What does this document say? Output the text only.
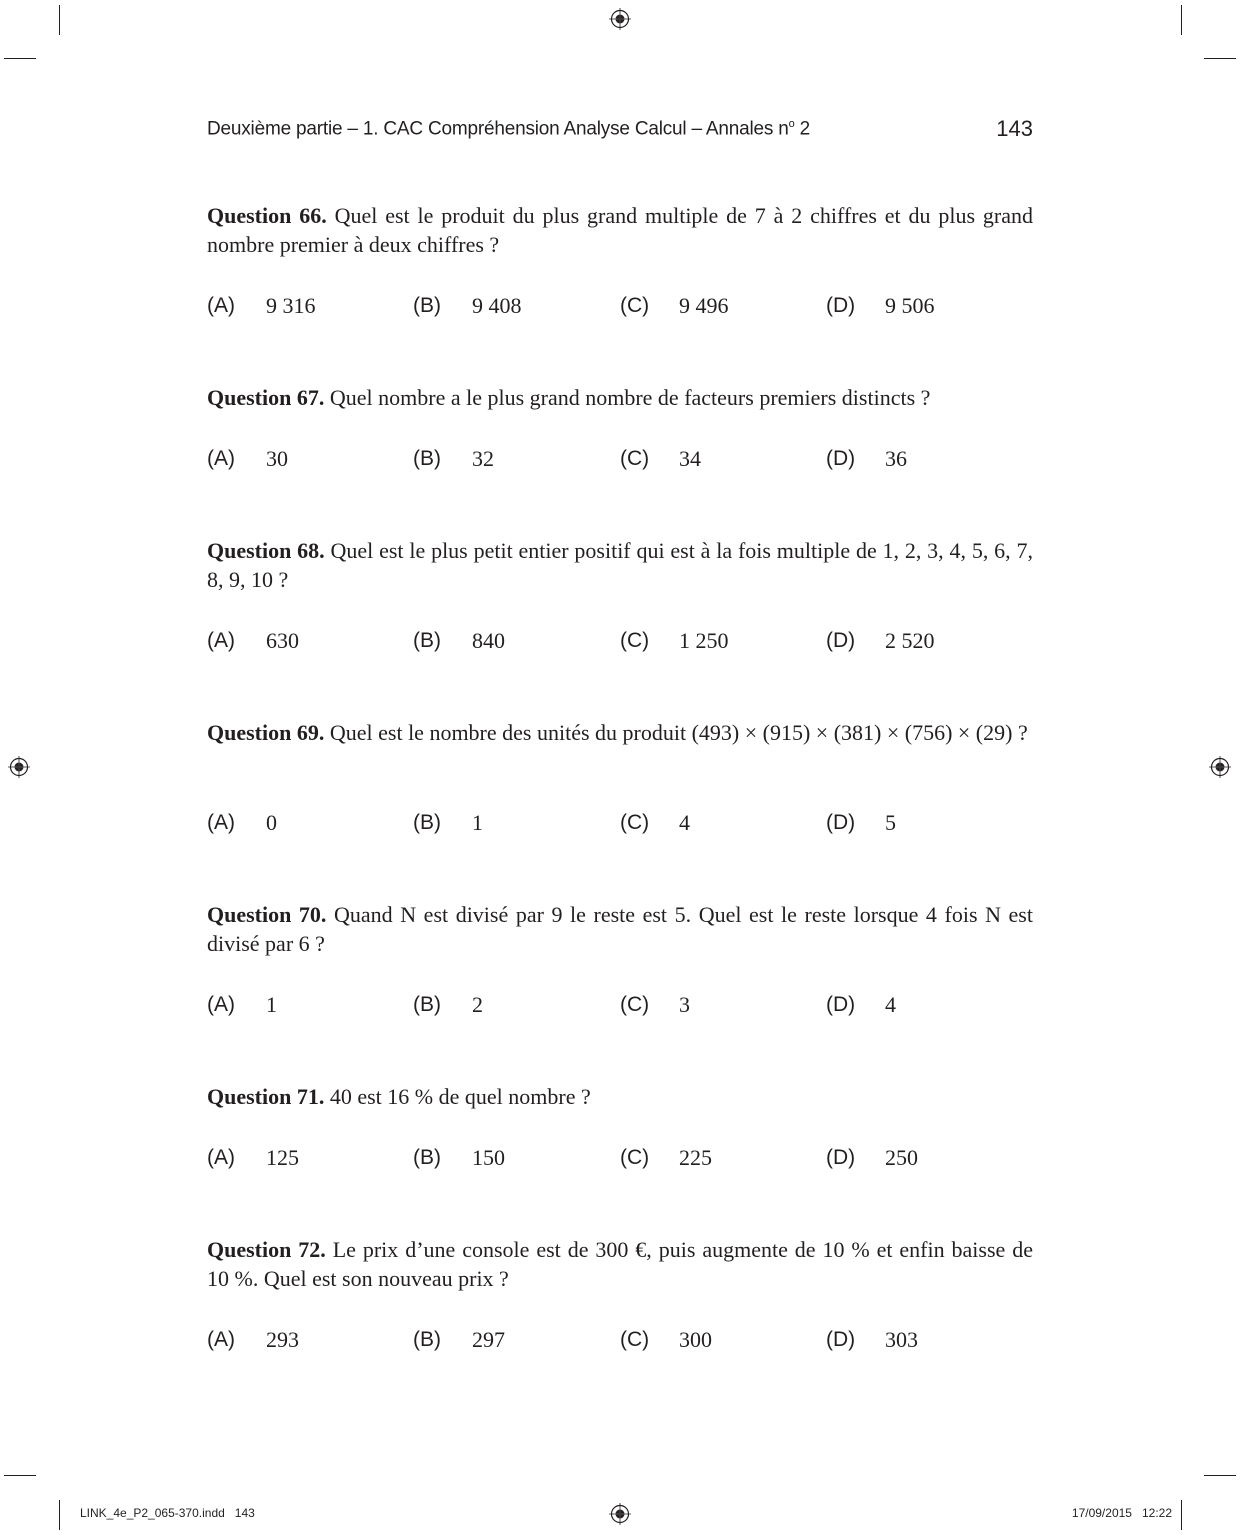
Deuxième partie – 1. CAC Compréhension Analyse Calcul – Annales $n^o$ 2	143
Question 66. Quel est le produit du plus grand multiple de 7 à 2 chiffres et du plus grand nombre premier à deux chiffres ?
(A) 9 316	(B) 9 408	(C) 9 496	(D) 9 506
Question 67. Quel nombre a le plus grand nombre de facteurs premiers distincts ?
(A) 30	(B) 32	(C) 34	(D) 36
Question 68. Quel est le plus petit entier positif qui est à la fois multiple de 1, 2, 3, 4, 5, 6, 7, 8, 9, 10 ?
(A) 630	(B) 840	(C) 1 250	(D) 2 520
Question 69. Quel est le nombre des unités du produit (493) × (915) × (381) × (756) × (29) ?
(A) 0	(B) 1	(C) 4	(D) 5
Question 70. Quand N est divisé par 9 le reste est 5. Quel est le reste lorsque 4 fois N est divisé par 6 ?
(A) 1	(B) 2	(C) 3	(D) 4
Question 71. 40 est 16 % de quel nombre ?
(A) 125	(B) 150	(C) 225	(D) 250
Question 72. Le prix d’une console est de 300 €, puis augmente de 10 % et enfin baisse de 10 %. Quel est son nouveau prix ?
(A) 293	(B) 297	(C) 300	(D) 303
LINK_4e_P2_065-370.indd   143	17/09/2015   12:22
